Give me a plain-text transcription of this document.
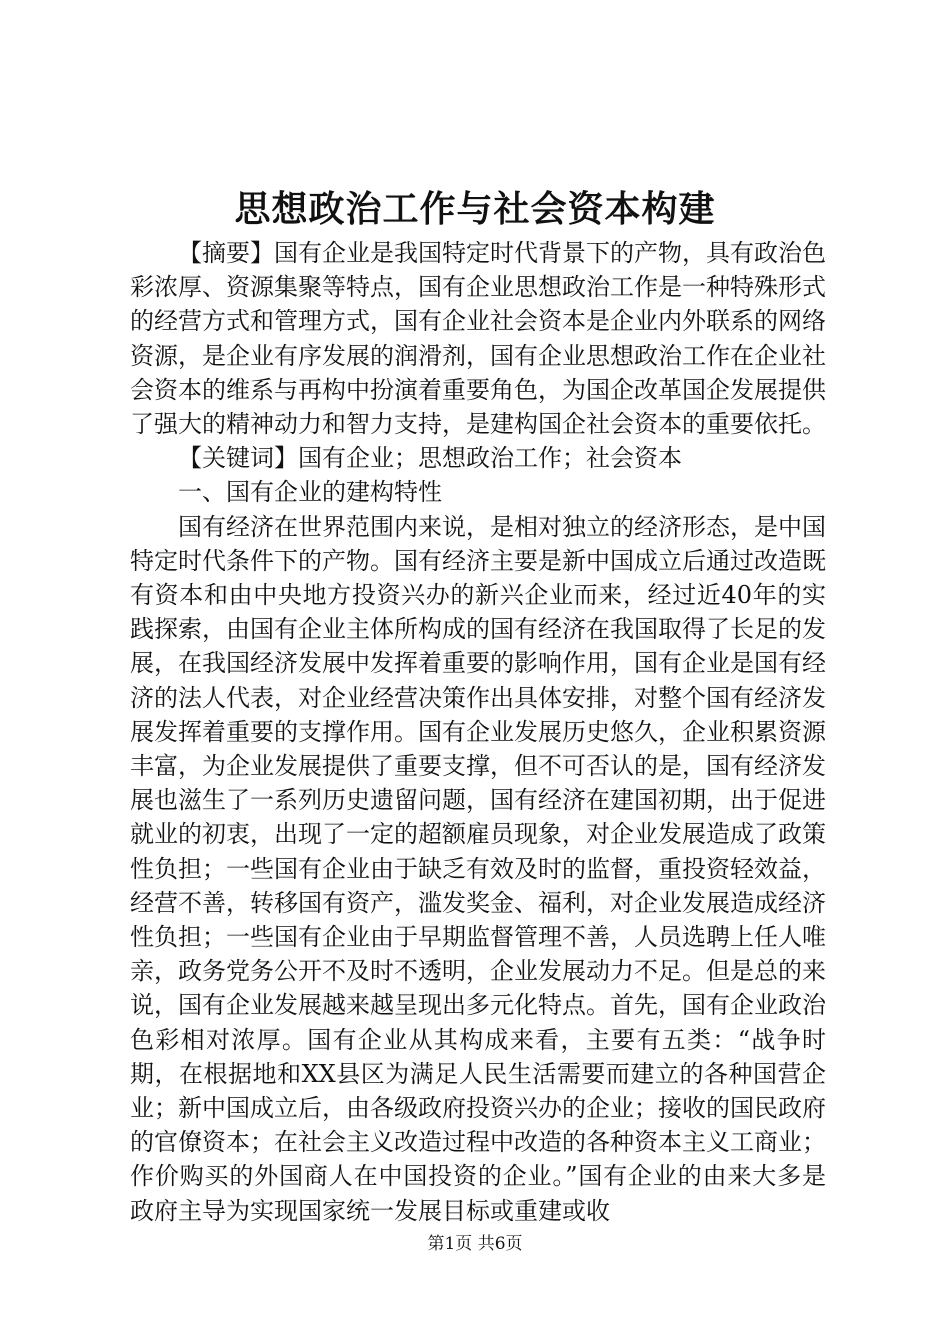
思想政治工作与社会资本构建

【摘要】国有企业是我国特定时代背景下的产物，具有政治色彩浓厚、资源集聚等特点，国有企业思想政治工作是一种特殊形式的经营方式和管理方式，国有企业社会资本是企业内外联系的网络资源，是企业有序发展的润滑剂，国有企业思想政治工作在企业社会资本的维系与再构中扮演着重要角色，为国企改革国企发展提供了强大的精神动力和智力支持，是建构国企社会资本的重要依托。

【关键词】国有企业；思想政治工作；社会资本

一、国有企业的建构特性

国有经济在世界范围内来说，是相对独立的经济形态，是中国特定时代条件下的产物。国有经济主要是新中国成立后通过改造既有资本和由中央地方投资兴办的新兴企业而来，经过近40年的实践探索，由国有企业主体所构成的国有经济在我国取得了长足的发展，在我国经济发展中发挥着重要的影响作用，国有企业是国有经济的法人代表，对企业经营决策作出具体安排，对整个国有经济发展发挥着重要的支撑作用。国有企业发展历史悠久，企业积累资源丰富，为企业发展提供了重要支撑，但不可否认的是，国有经济发展也滋生了一系列历史遗留问题，国有经济在建国初期，出于促进就业的初衷，出现了一定的超额雇员现象，对企业发展造成了政策性负担；一些国有企业由于缺乏有效及时的监督，重投资轻效益，经营不善，转移国有资产，滥发奖金、福利，对企业发展造成经济性负担；一些国有企业由于早期监督管理不善，人员选聘上任人唯亲，政务党务公开不及时不透明，企业发展动力不足。但是总的来说，国有企业发展越来越呈现出多元化特点。首先，国有企业政治色彩相对浓厚。国有企业从其构成来看，主要有五类：“战争时期，在根据地和XX县区为满足人民生活需要而建立的各种国营企业；新中国成立后，由各级政府投资兴办的企业；接收的国民政府的官僚资本；在社会主义改造过程中改造的各种资本主义工商业；作价购买的外国商人在中国投资的企业。”国有企业的由来大多是政府主导为实现国家统一发展目标或重建或收

第1页 共6页
